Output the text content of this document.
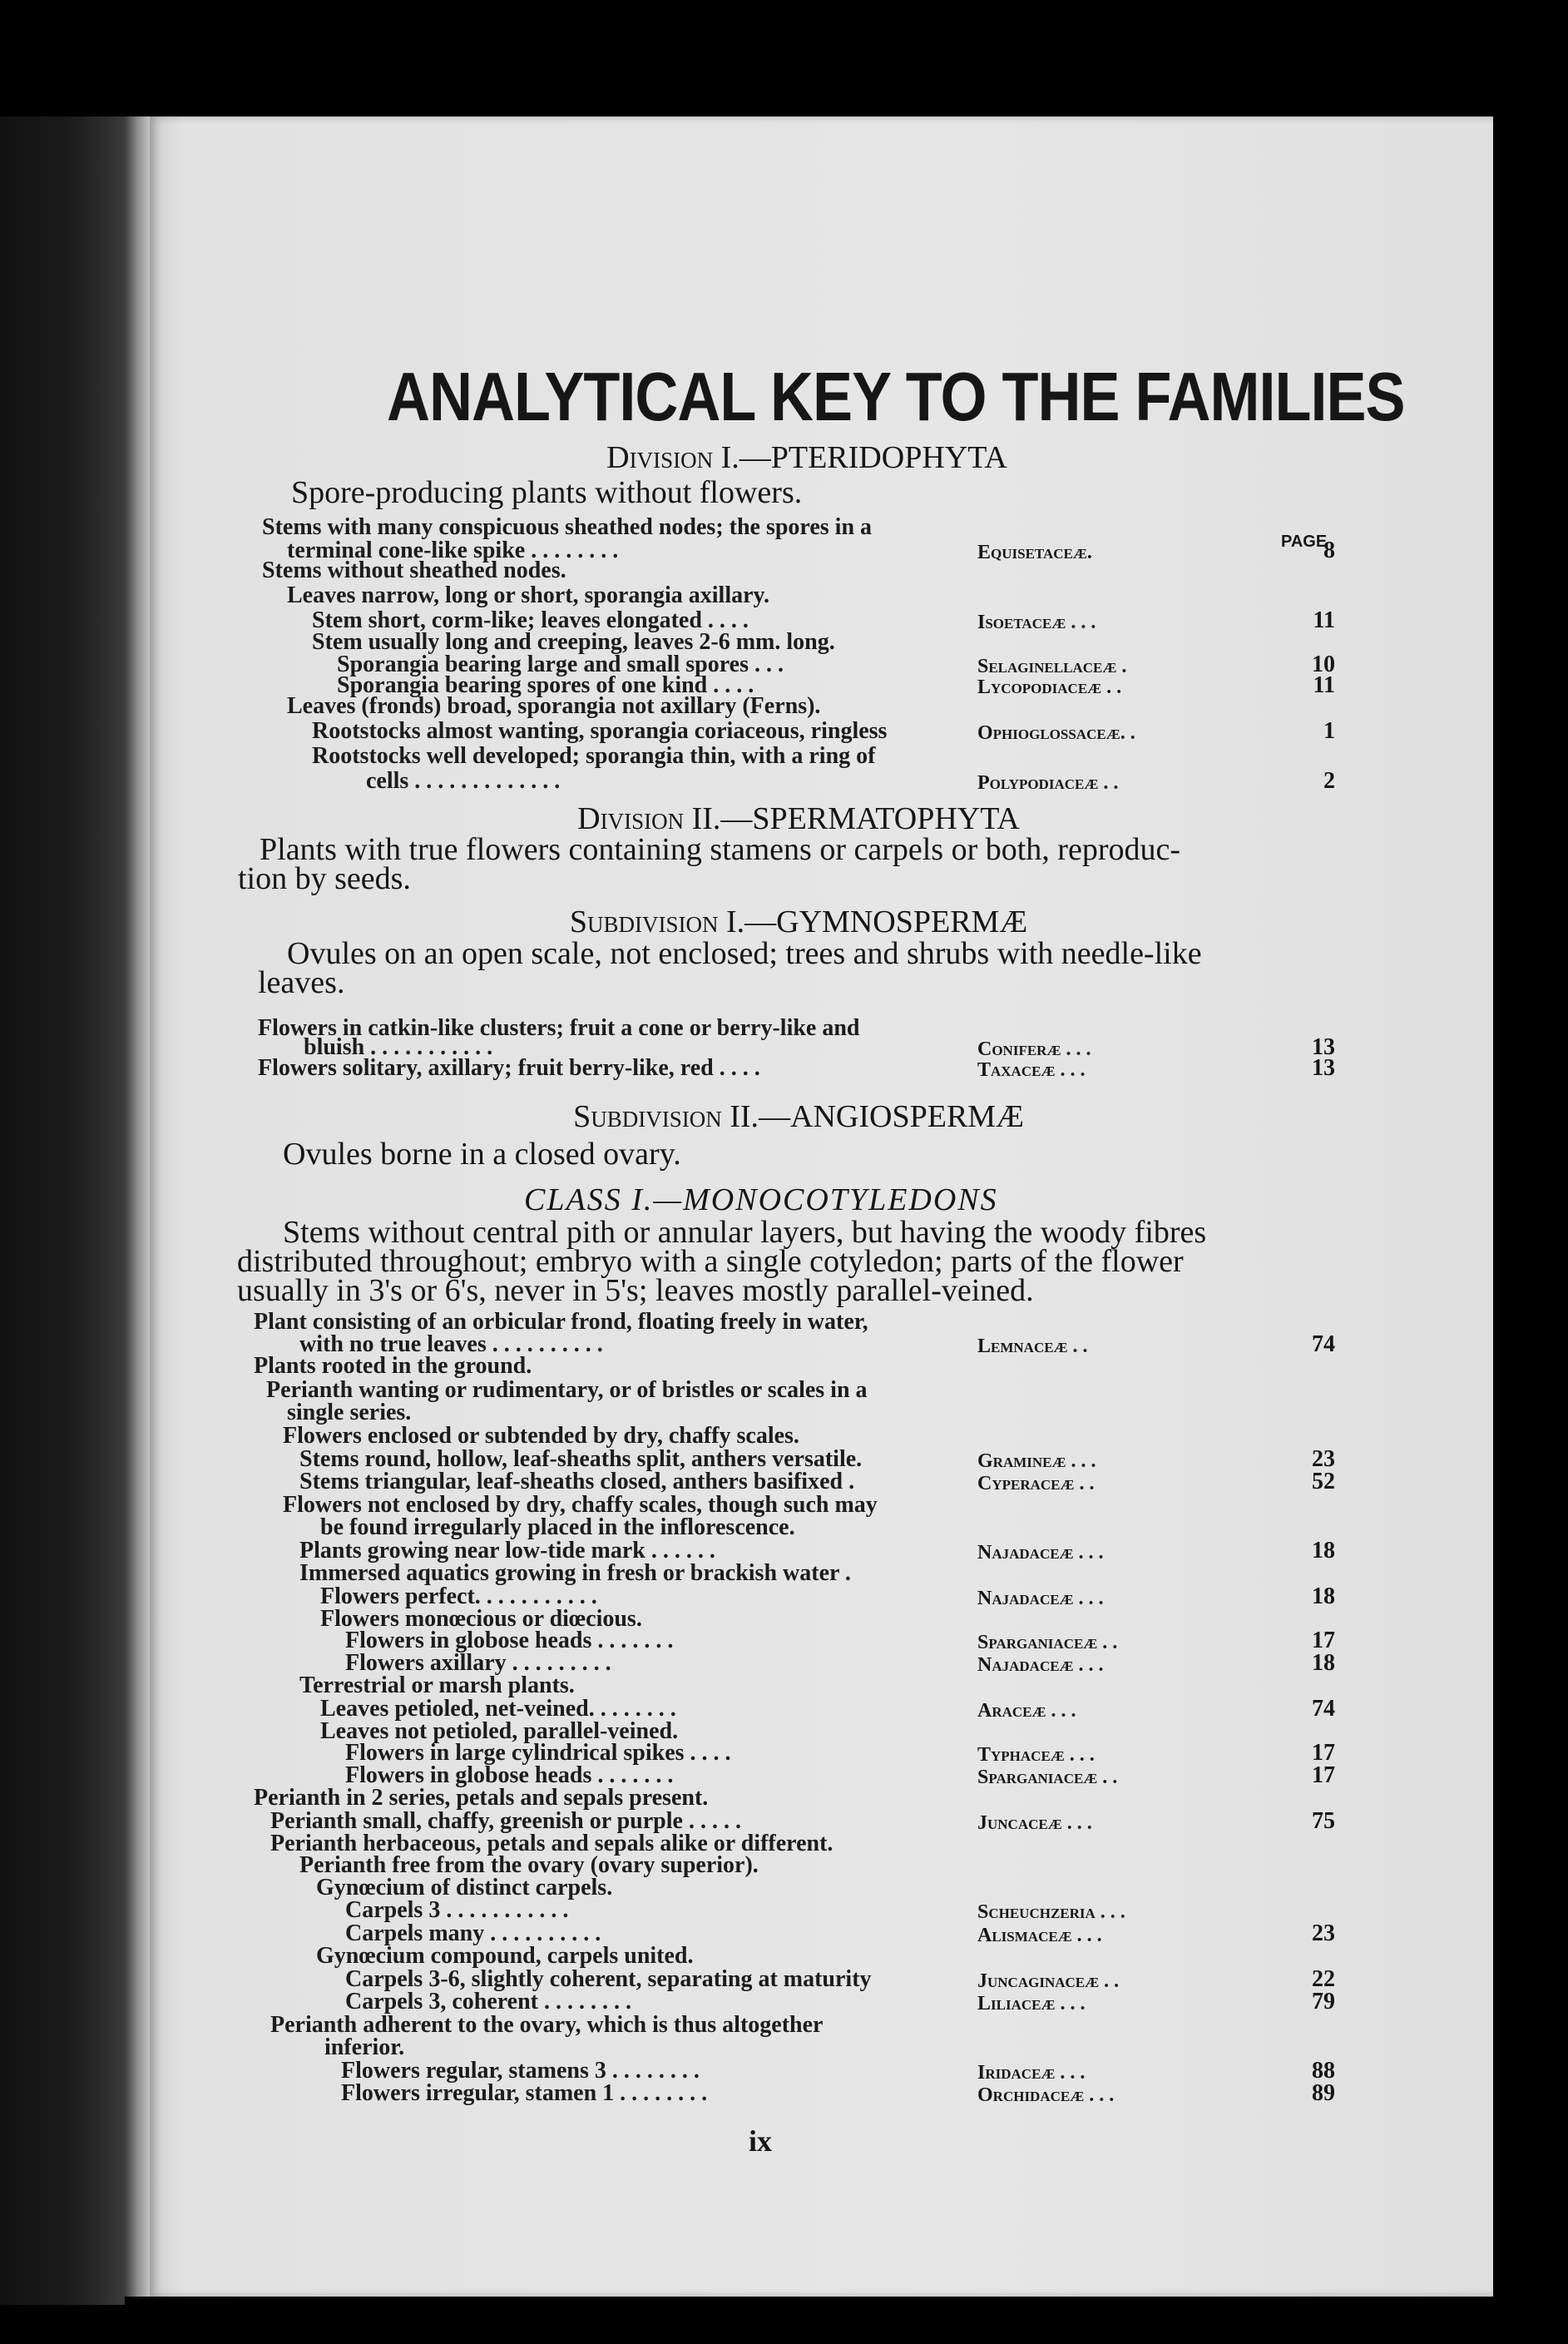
ANALYTICAL KEY TO THE FAMILIES
Division I.—PTERIDOPHYTA
Spore-producing plants without flowers.
PAGE
Stems with many conspicuous sheathed nodes; the spores in a
terminal cone-like spike . . . . . . . .	Equisetaceæ.	8
Stems without sheathed nodes.
Leaves narrow, long or short, sporangia axillary.
Stem short, corm-like; leaves elongated . . . .	Isoetaceæ . . .	11
Stem usually long and creeping, leaves 2-6 mm. long.
Sporangia bearing large and small spores . . .	Selaginellaceæ .	10
Sporangia bearing spores of one kind . . . .	Lycopodiaceæ . .	11
Leaves (fronds) broad, sporangia not axillary (Ferns).
Rootstocks almost wanting, sporangia coriaceous, ringless	Ophioglossaceæ. .	1
Rootstocks well developed; sporangia thin, with a ring of
cells . . . . . . . . . . . . .	Polypodiaceæ . .	2
Division II.—SPERMATOPHYTA
Plants with true flowers containing stamens or carpels or both, reproduc-
tion by seeds.
Subdivision I.—GYMNOSPERMÆ
Ovules on an open scale, not enclosed; trees and shrubs with needle-like
leaves.
Flowers in catkin-like clusters; fruit a cone or berry-like and
bluish . . . . . . . . . . .	Coniferæ . . .	13
Flowers solitary, axillary; fruit berry-like, red . . . .	Taxaceæ . . .	13
Subdivision II.—ANGIOSPERMÆ
Ovules borne in a closed ovary.
CLASS I.—MONOCOTYLEDONS
Stems without central pith or annular layers, but having the woody fibres
distributed throughout; embryo with a single cotyledon; parts of the flower
usually in 3's or 6's, never in 5's; leaves mostly parallel-veined.
Plant consisting of an orbicular frond, floating freely in water,
with no true leaves . . . . . . . . . .	Lemnaceæ . .	74
Plants rooted in the ground.
Perianth wanting or rudimentary, or of bristles or scales in a
single series.
Flowers enclosed or subtended by dry, chaffy scales.
Stems round, hollow, leaf-sheaths split, anthers versatile.	Gramineæ . . .	23
Stems triangular, leaf-sheaths closed, anthers basifixed .	Cyperaceæ . .	52
Flowers not enclosed by dry, chaffy scales, though such may
be found irregularly placed in the inflorescence.
Plants growing near low-tide mark . . . . . .	Najadaceæ . . .	18
Immersed aquatics growing in fresh or brackish water .
Flowers perfect. . . . . . . . . . .	Najadaceæ . . .	18
Flowers monœcious or diœcious.
Flowers in globose heads . . . . . . .	Sparganiaceæ . .	17
Flowers axillary . . . . . . . . .	Najadaceæ . . .	18
Terrestrial or marsh plants.
Leaves petioled, net-veined. . . . . . . .	Araceæ . . .	74
Leaves not petioled, parallel-veined.
Flowers in large cylindrical spikes . . . .	Typhaceæ . . .	17
Flowers in globose heads . . . . . . .	Sparganiaceæ . .	17
Perianth in 2 series, petals and sepals present.
Perianth small, chaffy, greenish or purple . . . . .	Juncaceæ . . .	75
Perianth herbaceous, petals and sepals alike or different.
Perianth free from the ovary (ovary superior).
Gynœcium of distinct carpels.
Carpels 3 . . . . . . . . . . .	Scheuchzeria . . .
Carpels many . . . . . . . . . .	Alismaceæ . . .	23
Gynœcium compound, carpels united.
Carpels 3-6, slightly coherent, separating at maturity	Juncaginaceæ . .	22
Carpels 3, coherent . . . . . . . .	Liliaceæ . . .	79
Perianth adherent to the ovary, which is thus altogether
inferior.
Flowers regular, stamens 3 . . . . . . . .	Iridaceæ . . .	88
Flowers irregular, stamen 1 . . . . . . . .	Orchidaceæ . . .	89
ix
